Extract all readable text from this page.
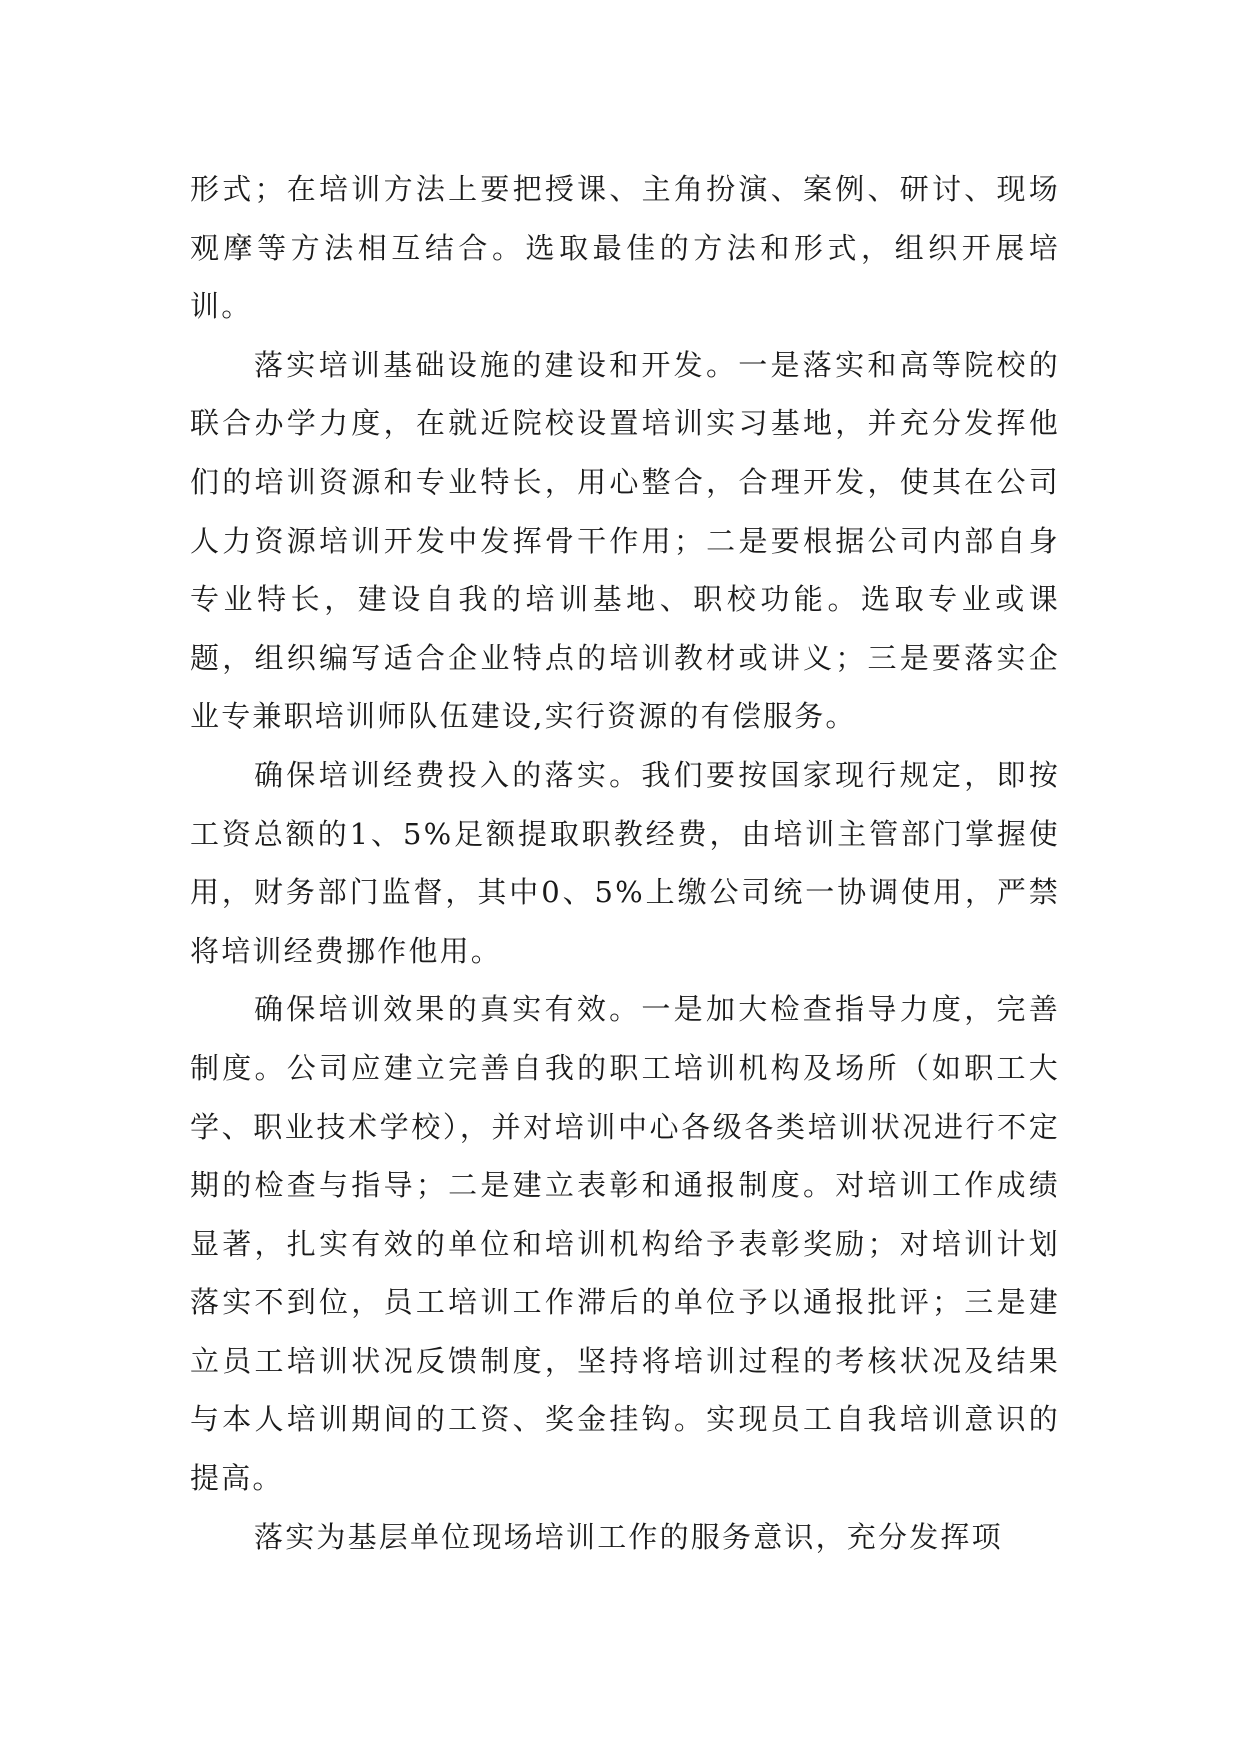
形式；在培训方法上要把授课、主角扮演、案例、研讨、现场观摩等方法相互结合。选取最佳的方法和形式，组织开展培训。

落实培训基础设施的建设和开发。一是落实和高等院校的联合办学力度，在就近院校设置培训实习基地，并充分发挥他们的培训资源和专业特长，用心整合，合理开发，使其在公司人力资源培训开发中发挥骨干作用；二是要根据公司内部自身专业特长，建设自我的培训基地、职校功能。选取专业或课题，组织编写适合企业特点的培训教材或讲义；三是要落实企业专兼职培训师队伍建设,实行资源的有偿服务。

确保培训经费投入的落实。我们要按国家现行规定，即按工资总额的1、5%足额提取职教经费，由培训主管部门掌握使用，财务部门监督，其中0、5%上缴公司统一协调使用，严禁将培训经费挪作他用。

确保培训效果的真实有效。一是加大检查指导力度，完善制度。公司应建立完善自我的职工培训机构及场所（如职工大学、职业技术学校），并对培训中心各级各类培训状况进行不定期的检查与指导；二是建立表彰和通报制度。对培训工作成绩显著，扎实有效的单位和培训机构给予表彰奖励；对培训计划落实不到位，员工培训工作滞后的单位予以通报批评；三是建立员工培训状况反馈制度，坚持将培训过程的考核状况及结果与本人培训期间的工资、奖金挂钩。实现员工自我培训意识的提高。

落实为基层单位现场培训工作的服务意识，充分发挥项
